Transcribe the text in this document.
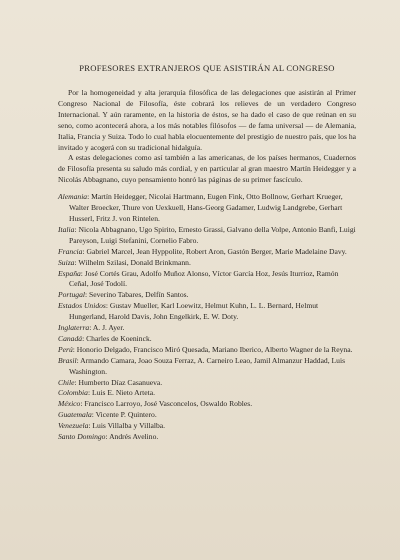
PROFESORES EXTRANJEROS QUE ASISTIRÁN AL CONGRESO

Por la homogeneidad y alta jerarquía filosófica de las delegaciones que asistirán al Primer Congreso Nacional de Filosofía, éste cobrará los relieves de un verdadero Congreso Internacional. Y aún raramente, en la historia de éstos, se ha dado el caso de que reúnan en su seno, como acontecerá ahora, a los más notables filósofos — de fama universal — de Alemania, Italia, Francia y Suiza. Todo lo cual habla elocuentemente del prestigio de nuestro país, que los ha invitado y acogerá con su tradicional hidalguía.

A estas delegaciones como así también a las americanas, de los países hermanos, Cuadernos de Filosofía presenta su saludo más cordial, y en particular al gran maestro Martín Heidegger y a Nicolás Abbagnano, cuyo pensamiento honró las páginas de su primer fascículo.

Alemania: Martín Heidegger, Nicolai Hartmann, Eugen Fink, Otto Bollnow, Gerhart Krueger, Walter Broecker, Thure von Uexkuell, Hans-Georg Gadamer, Ludwig Landgrebe, Gerhart Husserl, Fritz J. von Rintelen.
Italia: Nicola Abbagnano, Ugo Spirito, Ernesto Grassi, Galvano della Volpe, Antonio Banfi, Luigi Pareyson, Luigi Stefanini, Cornelio Fabro.
Francia: Gabriel Marcel, Jean Hyppolite, Robert Aron, Gastón Berger, Marie Madelaine Davy.
Suiza: Wilhelm Szilasi, Donald Brinkmann.
España: José Cortés Grau, Adolfo Muñoz Alonso, Víctor García Hoz, Jesús Iturrioz, Ramón Ceñal, José Todolí.
Portugal: Severino Tabares, Delfín Santos.
Estados Unidos: Gustav Mueller, Karl Loewitz, Helmut Kuhn, L. L. Bernard, Helmut Hungerland, Harold Davis, John Engelkirk, E. W. Doty.
Inglaterra: A. J. Ayer.
Canadá: Charles de Koeninck.
Perú: Honorio Delgado, Francisco Miró Quesada, Mariano Iberico, Alberto Wagner de la Reyna.
Brasil: Armando Camara, Joao Souza Ferraz, A. Carneiro Leao, Jamil Almanzur Haddad, Luis Washington.
Chile: Humberto Díaz Casanueva.
Colombia: Luis E. Nieto Arteta.
México: Francisco Larroyo, José Vasconcelos, Oswaldo Robles.
Guatemala: Vicente P. Quintero.
Venezuela: Luis Villalba y Villalba.
Santo Domingo: Andrés Avelino.
